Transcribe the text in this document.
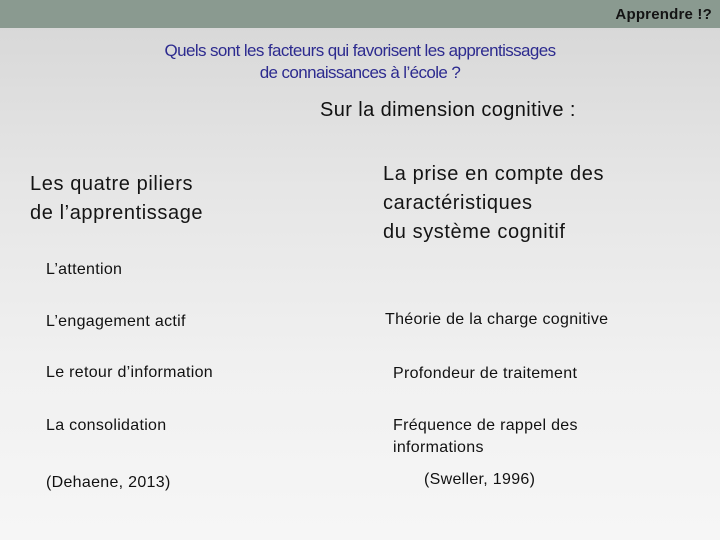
Apprendre !?
Quels sont les facteurs qui favorisent les apprentissages
de connaissances à l’école ?
Sur la dimension cognitive :
Les quatre piliers
de l’apprentissage
La prise en compte des
caractéristiques
du système cognitif
L’attention
L’engagement actif
Le retour d’information
La consolidation
(Dehaene, 2013)
Théorie de la charge cognitive
Profondeur de traitement
Fréquence de rappel des
informations
(Sweller, 1996)
